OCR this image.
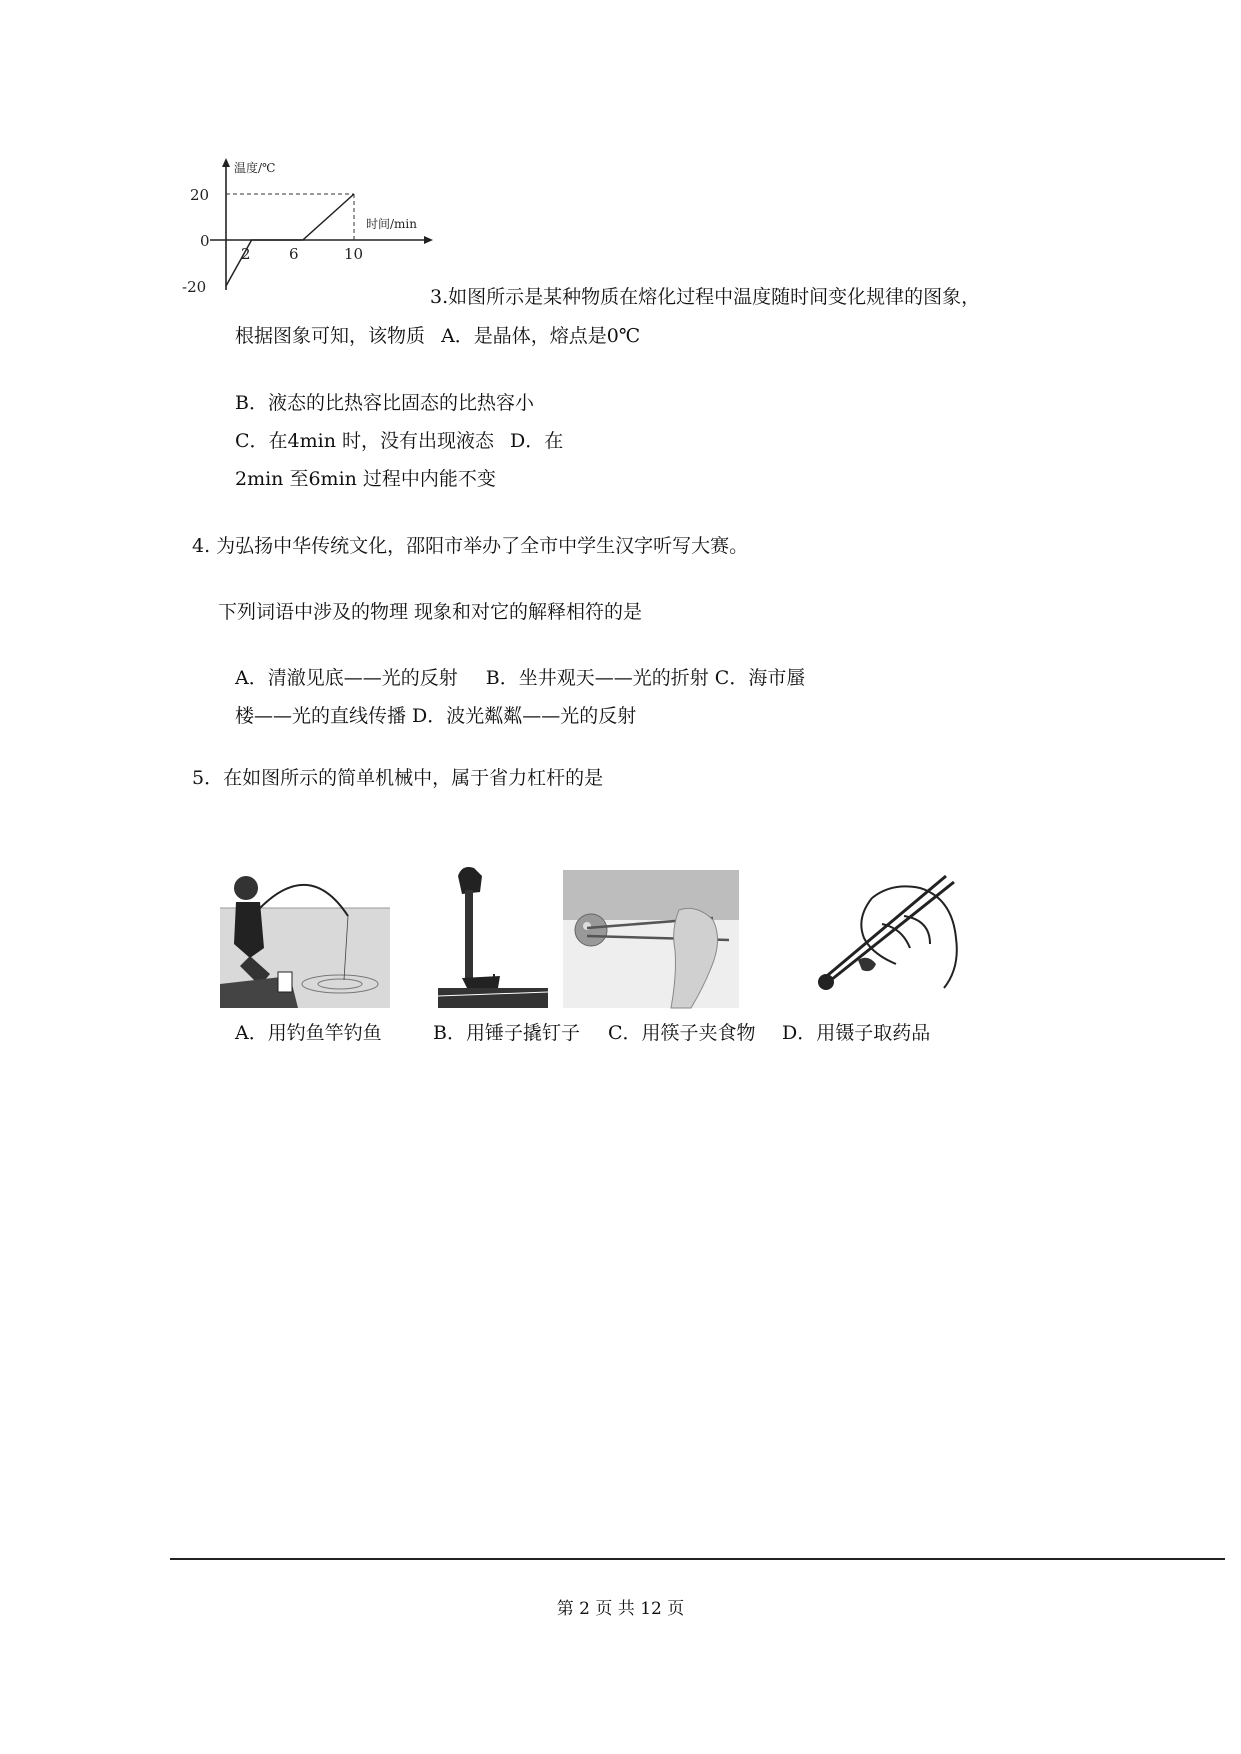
温度/℃
时间/min
20
0
-20
2	6	10
3.如图所示是某种物质在熔化过程中温度随时间变化规律的图象，
根据图象可知，该物质 A．是晶体，熔点是0℃
B．液态的比热容比固态的比热容小
C．在4min 时，没有出现液态 D．在
2min 至6min 过程中内能不变
4. 为弘扬中华传统文化，邵阳市举办了全市中学生汉字听写大赛。
下列词语中涉及的物理 现象和对它的解释相符的是
A．清澈见底——光的反射 B．坐井观天——光的折射 C．海市蜃
楼——光的直线传播 D．波光粼粼——光的反射
5．在如图所示的简单机械中，属于省力杠杆的是
A．用钓鱼竿钓鱼	B．用锤子撬钉子 C．用筷子夹食物 D．用镊子取药品
第 2 页 共 12 页
